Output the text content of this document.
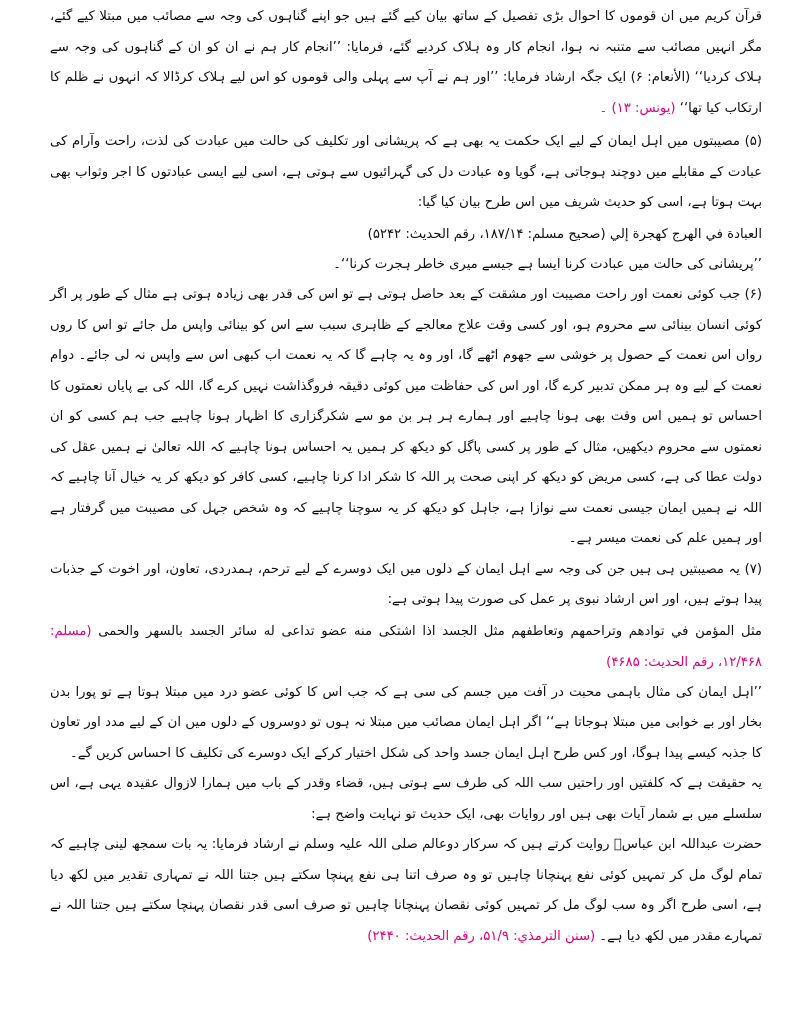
قرآن کریم میں ان قوموں کا احوال بڑی تفصیل کے ساتھ بیان کیے گئے ہیں جو اپنے گناہوں کی وجہ سے مصائب میں مبتلا کیے گئے، مگر انہیں مصائب سے متنبہ نہ ہوا، انجام کار وہ ہلاک کردیے گئے، فرمایا: ’’انجام کار ہم نے ان کو ان کے گناہوں کی وجہ سے ہلاک کردیا‘‘ (الأنعام: ۶) ایک جگہ ارشاد فرمایا: ’’اور ہم نے آپ سے پہلی والی قوموں کو اس لیے ہلاک کرڈالا کہ انہوں نے ظلم کا ارتکاب کیا تھا‘‘ (یونس: ۱۳) ۔

(۵) مصیبتوں میں اہل ایمان کے لیے ایک حکمت یہ بھی ہے کہ پریشانی اور تکلیف کی حالت میں عبادت کی لذت، راحت وآرام کی عبادت کے مقابلے میں دوچند ہوجاتی ہے، گویا وہ عبادت دل کی گہرائیوں سے ہوتی ہے، اسی لیے ایسی عبادتوں کا اجر وثواب بھی بہت ہوتا ہے، اسی کو حدیث شریف میں اس طرح بیان کیا گیا:

العبادة في الهرج كهجرة إلي (صحيح مسلم: ۱۸۷/۱۴، رقم الحديث: ۵۲۴۲)

’’پریشانی کی حالت میں عبادت کرنا ایسا ہے جیسے میری خاطر ہجرت کرنا‘‘۔

(۶) جب کوئی نعمت اور راحت مصیبت اور مشقت کے بعد حاصل ہوتی ہے تو اس کی قدر بھی زیادہ ہوتی ہے مثال کے طور پر اگر کوئی انسان بینائی سے محروم ہو، اور کسی وقت علاج معالجے کے ظاہری سبب سے اس کو بینائی واپس مل جائے تو اس کا روں رواں اس نعمت کے حصول پر خوشی سے جھوم اٹھے گا، اور وہ یہ چاہے گا کہ یہ نعمت اب کبھی اس سے واپس نہ لی جائے۔ دوام نعمت کے لیے وہ ہر ممکن تدبیر کرے گا، اور اس کی حفاظت میں کوئی دقیقہ فروگذاشت نہیں کرے گا، اللہ کی بے پایاں نعمتوں کا احساس تو ہمیں اس وقت بھی ہونا چاہیے اور ہمارے ہر ہر بن مو سے شکرگزاری کا اظہار ہونا چاہیے جب ہم کسی کو ان نعمتوں سے محروم دیکھیں، مثال کے طور پر کسی پاگل کو دیکھ کر ہمیں یہ احساس ہونا چاہیے کہ اللہ تعالیٰ نے ہمیں عقل کی دولت عطا کی ہے، کسی مریض کو دیکھ کر اپنی صحت پر اللہ کا شکر ادا کرنا چاہیے، کسی کافر کو دیکھ کر یہ خیال آنا چاہیے کہ اللہ نے ہمیں ایمان جیسی نعمت سے نوازا ہے، جاہل کو دیکھ کر یہ سوچنا چاہیے کہ وہ شخص جہل کی مصیبت میں گرفتار ہے اور ہمیں علم کی نعمت میسر ہے۔

(۷) یہ مصیبتیں ہی ہیں جن کی وجہ سے اہل ایمان کے دلوں میں ایک دوسرے کے لیے ترحم، ہمدردی، تعاون، اور اخوت کے جذبات پیدا ہوتے ہیں، اور اس ارشاد نبوی پر عمل کی صورت پیدا ہوتی ہے:

مثل المؤمن في توادهم وتراحمهم وتعاطفهم مثل الجسد اذا اشتكى منه عضو تداعى له سائر الجسد بالسهر والحمى (مسلم: ۱۲/۴۶۸، رقم الحديث: ۴۶۸۵)

’’اہل ایمان کی مثال باہمی محبت در آفت میں جسم کی سی ہے کہ جب اس کا کوئی عضو درد میں مبتلا ہوتا ہے تو پورا بدن بخار اور بے خوابی میں مبتلا ہوجاتا ہے‘‘ اگر اہل ایمان مصائب میں مبتلا نہ ہوں تو دوسروں کے دلوں میں ان کے لیے مدد اور تعاون کا جذبہ کیسے پیدا ہوگا، اور کس طرح اہل ایمان جسد واحد کی شکل اختیار کرکے ایک دوسرے کی تکلیف کا احساس کریں گے۔

یہ حقیقت ہے کہ کلفتیں اور راحتیں سب اللہ کی طرف سے ہوتی ہیں، قضاء وقدر کے باب میں ہمارا لازوال عقیدہ یہی ہے، اس سلسلے میں بے شمار آیات بھی ہیں اور روایات بھی، ایک حدیث تو نہایت واضح ہے:

حضرت عبداللہ ابن عباسؓ روایت کرتے ہیں کہ سرکار دوعالم صلی اللہ علیہ وسلم نے ارشاد فرمایا: یہ بات سمجھ لینی چاہیے کہ تمام لوگ مل کر تمہیں کوئی نفع پہنچانا چاہیں تو وہ صرف اتنا ہی نفع پہنچا سکتے ہیں جتنا اللہ نے تمہاری تقدیر میں لکھ دیا ہے، اسی طرح اگر وہ سب لوگ مل کر تمہیں کوئی نقصان پہنچانا چاہیں تو صرف اسی قدر نقصان پہنچا سکتے ہیں جتنا اللہ نے تمہارے مقدر میں لکھ دیا ہے۔ (سنن الترمذي: ۵۱/۹، رقم الحديث: ۲۴۴۰)
